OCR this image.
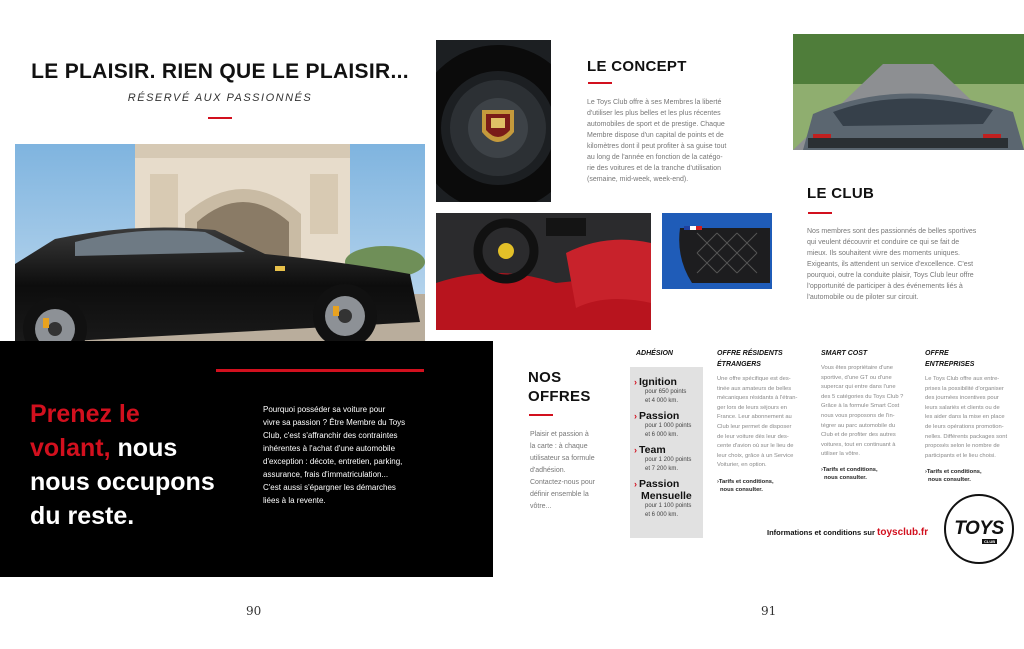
LE PLAISIR. RIEN QUE LE PLAISIR...
RÉSERVÉ AUX PASSIONNÉS
Prenez le
volant, nous
nous occupons
du reste.
Pourquoi posséder sa voiture pour
vivre sa passion ? Être Membre du Toys
Club, c'est s'affranchir des contraintes
inhérentes à l'achat d'une automobile
d'exception : décote, entretien, parking,
assurance, frais d'immatriculation...
C'est aussi s'épargner les démarches
liées à la revente.
90
LE CONCEPT
Le Toys Club offre à ses Membres la liberté
d'utiliser les plus belles et les plus récentes
automobiles de sport et de prestige. Chaque
Membre dispose d'un capital de points et de
kilomètres dont il peut profiter à sa guise tout
au long de l'année en fonction de la catégo-
rie des voitures et de la tranche d'utilisation
(semaine, mid-week, week-end).
LE CLUB
Nos membres sont des passionnés de belles sportives
qui veulent découvrir et conduire ce qui se fait de
mieux. Ils souhaitent vivre des moments uniques.
Exigeants, ils attendent un service d'excellence. C'est
pourquoi, outre la conduite plaisir, Toys Club leur offre
l'opportunité de participer à des événements liés à
l'automobile ou de piloter sur circuit.
NOS
OFFRES
Plaisir et passion à
la carte : à chaque
utilisateur sa formule
d'adhésion.
Contactez-nous pour
définir ensemble la
vôtre...
ADHÉSION
› Ignition
pour 650 points
et 4 000 km.
› Passion
pour 1 000 points
et 6 000 km.
› Team
pour 1 200 points
et 7 200 km.
› Passion
Mensuelle
pour 1 100 points
et 6 000 km.
OFFRE RÉSIDENTS
ÉTRANGERS
Une offre spécifique est des-
tinée aux amateurs de belles
mécaniques résidants à l'étran-
ger lors de leurs séjours en
France. Leur abonnement au
Club leur permet de disposer
de leur voiture dès leur des-
cente d'avion où sur le lieu de
leur choix, grâce à un Service
Voiturier, en option.
›Tarifs et conditions,
nous consulter.
SMART COST
Vous êtes propriétaire d'une
sportive, d'une GT ou d'une
supercar qui entre dans l'une
des 5 catégories du Toys Club ?
Grâce à la formule Smart Cost
nous vous proposons de l'in-
tégrer au parc automobile du
Club et de profiter des autres
voitures, tout en continuant à
utiliser la vôtre.
›Tarifs et conditions,
nous consulter.
OFFRE
ENTREPRISES
Le Toys Club offre aux entre-
prises la possibilité d'organiser
des journées incentives pour
leurs salariés et clients ou de
les aider dans la mise en place
de leurs opérations promotion-
nelles. Différents packages sont
proposés selon le nombre de
participants et le lieu choisi.
›Tarifs et conditions,
nous consulter.
Informations et conditions sur toysclub.fr	TOYS
CLUB
91
